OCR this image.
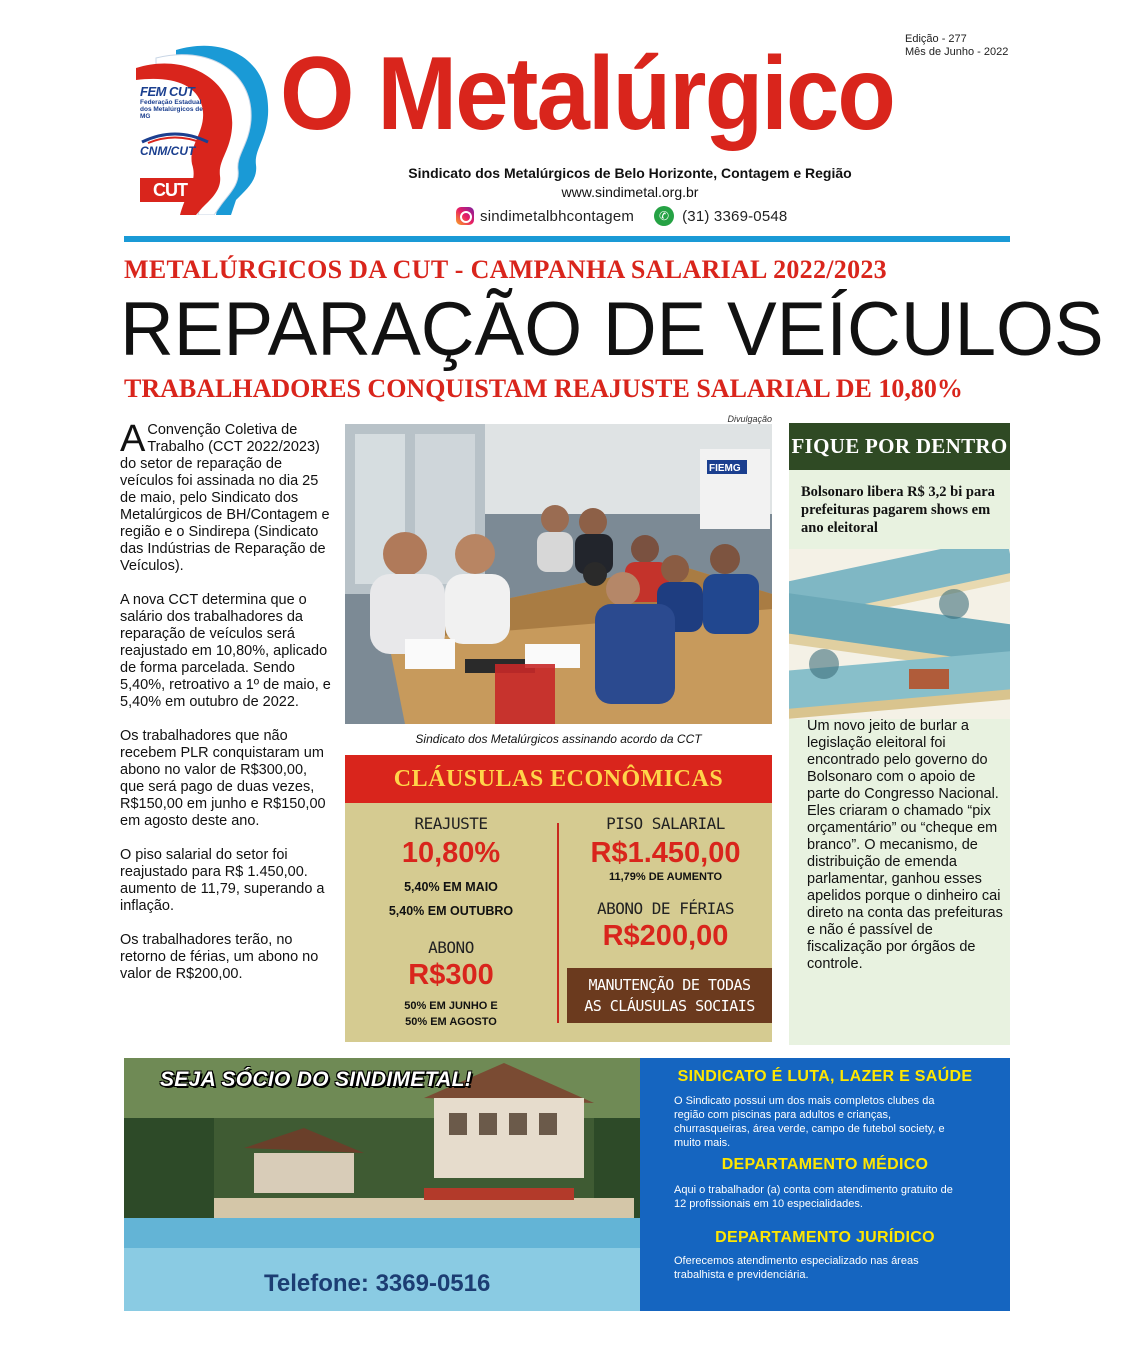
FEM CUT
Federação Estadual dos Metalúrgicos de MG
CNM/CUT
CUT
O Metalúrgico Edição - 277
Mês de Junho - 2022
Sindicato dos Metalúrgicos de Belo Horizonte, Contagem e Região
www.sindimetal.org.br
sindimetalbhcontagem	✆ (31) 3369-0548
METALÚRGICOS DA CUT - CAMPANHA SALARIAL 2022/2023
REPARAÇÃO DE VEÍCULOS
TRABALHADORES CONQUISTAM REAJUSTE SALARIAL DE 10,80%

A Convenção Coletiva de Trabalho (CCT 2022/2023) do setor de reparação de veículos foi assinada no dia 25 de maio, pelo Sindicato dos Metalúrgicos de BH/Contagem e região e o Sindirepa (Sindicato das Indústrias de Reparação de Veículos).

A nova CCT determina que o salário dos trabalhadores da reparação de veículos será reajustado em 10,80%, aplicado de forma parcelada. Sendo 5,40%, retroativo a 1º de maio, e 5,40% em outubro de 2022.

Os trabalhadores que não recebem PLR conquistaram um abono no valor de R$300,00, que será pago de duas vezes, R$150,00 em junho e R$150,00 em agosto deste ano.

O piso salarial do setor foi reajustado para R$ 1.450,00. aumento de 11,79, superando a inflação.

Os trabalhadores terão, no retorno de férias, um abono no valor de R$200,00.

Divulgação
FIEMG
Sindicato dos Metalúrgicos assinando acordo da CCT
CLÁUSULAS ECONÔMICAS
REAJUSTE
10,80%
5,40% EM MAIO
5,40% EM OUTUBRO
ABONO
R$300
50% EM JUNHO E
50% EM AGOSTO
PISO SALARIAL
R$1.450,00
11,79% DE AUMENTO
ABONO DE FÉRIAS
R$200,00
MANUTENÇÃO DE TODAS
AS CLÁUSULAS SOCIAIS
FIQUE POR DENTRO
Bolsonaro libera R$ 3,2 bi para prefeituras pagarem shows em ano eleitoral
Um novo jeito de burlar a legislação eleitoral foi encontrado pelo governo do Bolsonaro com o apoio de parte do Congresso Nacional. Eles criaram o chamado “pix orçamentário” ou “cheque em branco”. O mecanismo, de distribuição de emenda parlamentar, ganhou esses apelidos porque o dinheiro cai direto na conta das prefeituras e não é passível de fiscalização por órgãos de controle.
SEJA SÓCIO DO SINDIMETAL!
Telefone: 3369-0516
SINDICATO É LUTA, LAZER E SAÚDE
O Sindicato possui um dos mais completos clubes da região com piscinas para adultos e crianças, churrasqueiras, área verde, campo de futebol society, e muito mais.
DEPARTAMENTO MÉDICO
Aqui o trabalhador (a) conta com atendimento gratuito de 12 profissionais em 10 especialidades.
DEPARTAMENTO JURÍDICO
Oferecemos atendimento especializado nas áreas trabalhista e previdenciária.
